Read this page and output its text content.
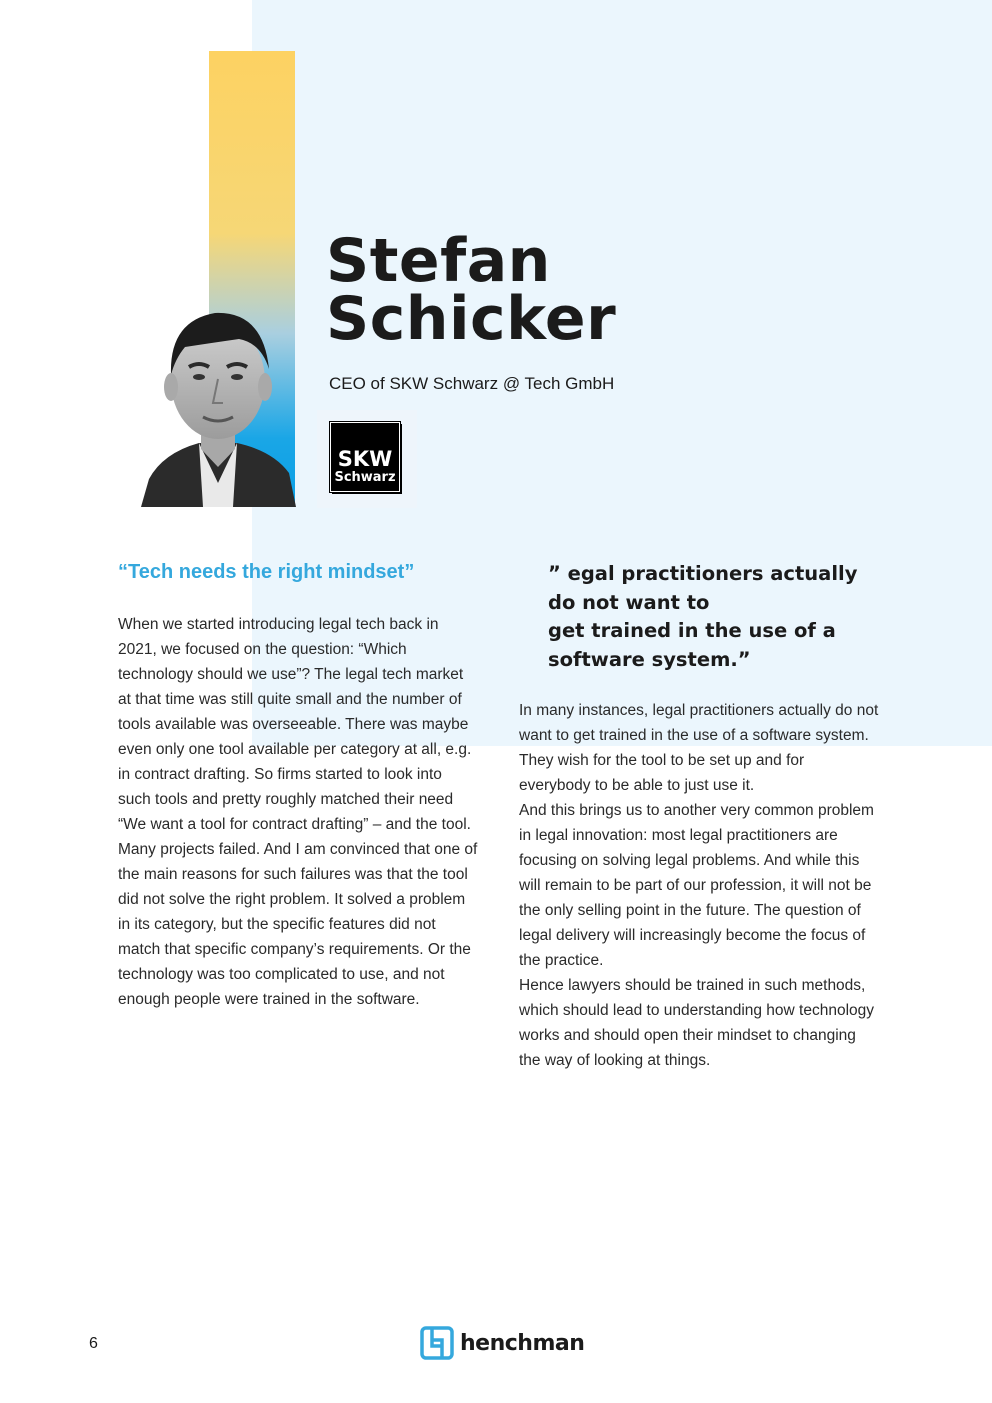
Stefan
Schicker
CEO of SKW Schwarz @ Tech GmbH
SKW
Schwarz
“Tech needs the right mindset”

When we started introducing legal tech back in 2021, we focused on the question: “Which technology should we use”? The legal tech market at that time was still quite small and the number of tools available was overseeable. There was maybe even only one tool available per category at all, e.g. in contract drafting. So firms started to look into such tools and pretty roughly matched their need “We want a tool for contract drafting” – and the tool.

Many projects failed. And I am convinced that one of the main reasons for such failures was that the tool did not solve the right problem. It solved a problem in its category, but the specific features did not match that specific company’s requirements. Or the technology was too complicated to use, and not enough people were trained in the software.

” egal practitioners actually
do not want to
get trained in the use of a
software system.”

In many instances, legal practitioners actually do not want to get trained in the use of a software system. They wish for the tool to be set up and for everybody to be able to just use it.

And this brings us to another very common problem in legal innovation: most legal practitioners are focusing on solving legal problems. And while this will remain to be part of our profession, it will not be the only selling point in the future. The question of legal delivery will increasingly become the focus of the practice.

Hence lawyers should be trained in such methods, which should lead to understanding how technology works and should open their mindset to changing the way of looking at things.

6	henchman
